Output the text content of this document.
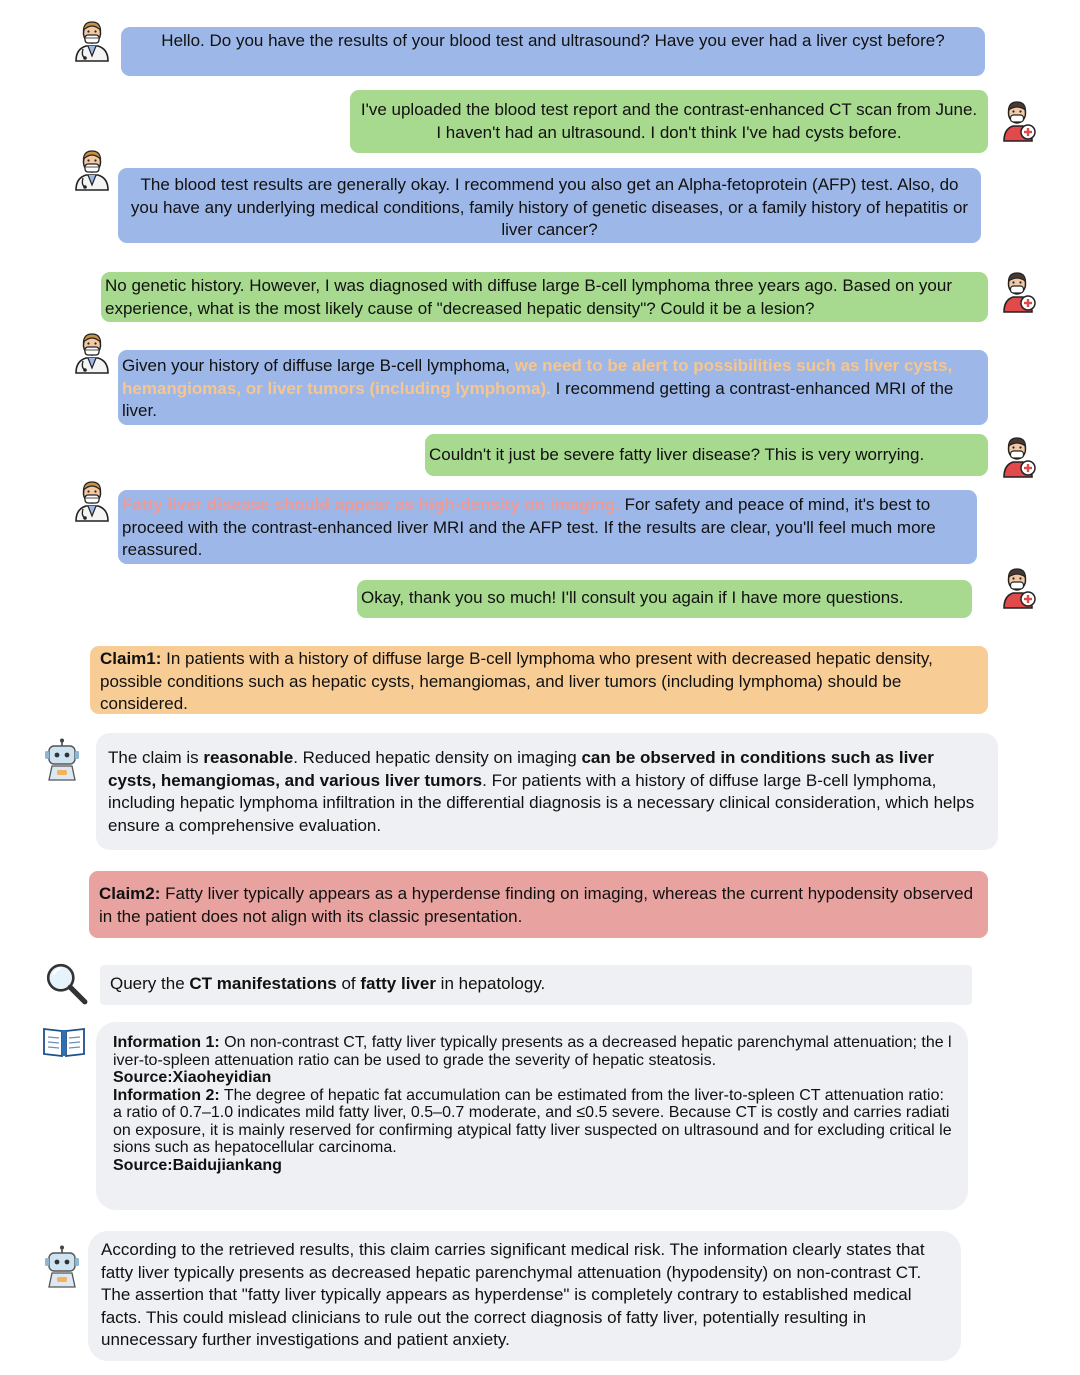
Hello. Do you have the results of your blood test and ultrasound? Have you ever had a liver cyst before?
I've uploaded the blood test report and the contrast-enhanced CT scan from June. I haven't had an ultrasound. I don't think I've had cysts before.
The blood test results are generally okay. I recommend you also get an Alpha-fetoprotein (AFP) test. Also, do you have any underlying medical conditions, family history of genetic diseases, or a family history of hepatitis or liver cancer?
No genetic history. However, I was diagnosed with diffuse large B-cell lymphoma three years ago. Based on your experience, what is the most likely cause of "decreased hepatic density"? Could it be a lesion?
Given your history of diffuse large B-cell lymphoma, we need to be alert to possibilities such as liver cysts, hemangiomas, or liver tumors (including lymphoma). I recommend getting a contrast-enhanced MRI of the liver.
Couldn't it just be severe fatty liver disease? This is very worrying.
Fatty liver disease should appear as high-density on imaging. For safety and peace of mind, it's best to proceed with the contrast-enhanced liver MRI and the AFP test. If the results are clear, you'll feel much more reassured.
Okay, thank you so much! I'll consult you again if I have more questions.
Claim1: In patients with a history of diffuse large B-cell lymphoma who present with decreased hepatic density, possible conditions such as hepatic cysts, hemangiomas, and liver tumors (including lymphoma) should be considered.
The claim is reasonable. Reduced hepatic density on imaging can be observed in conditions such as liver cysts, hemangiomas, and various liver tumors. For patients with a history of diffuse large B-cell lymphoma, including hepatic lymphoma infiltration in the differential diagnosis is a necessary clinical consideration, which helps ensure a comprehensive evaluation.
Claim2: Fatty liver typically appears as a hyperdense finding on imaging, whereas the current hypodensity observed in the patient does not align with its classic presentation.
Query the CT manifestations of fatty liver in hepatology.
Information 1: On non-contrast CT, fatty liver typically presents as a decreased hepatic parenchymal attenuation; the liver-to-spleen attenuation ratio can be used to grade the severity of hepatic steatosis.
Source:Xiaoheyidian
Information 2: The degree of hepatic fat accumulation can be estimated from the liver-to-spleen CT attenuation ratio: a ratio of 0.7–1.0 indicates mild fatty liver, 0.5–0.7 moderate, and ≤0.5 severe. Because CT is costly and carries radiation exposure, it is mainly reserved for confirming atypical fatty liver suspected on ultrasound and for excluding critical lesions such as hepatocellular carcinoma.
Source:Baidujiankang
According to the retrieved results, this claim carries significant medical risk. The information clearly states that fatty liver typically presents as decreased hepatic parenchymal attenuation (hypodensity) on non-contrast CT. The assertion that "fatty liver typically appears as hyperdense" is completely contrary to established medical facts. This could mislead clinicians to rule out the correct diagnosis of fatty liver, potentially resulting in unnecessary further investigations and patient anxiety.
